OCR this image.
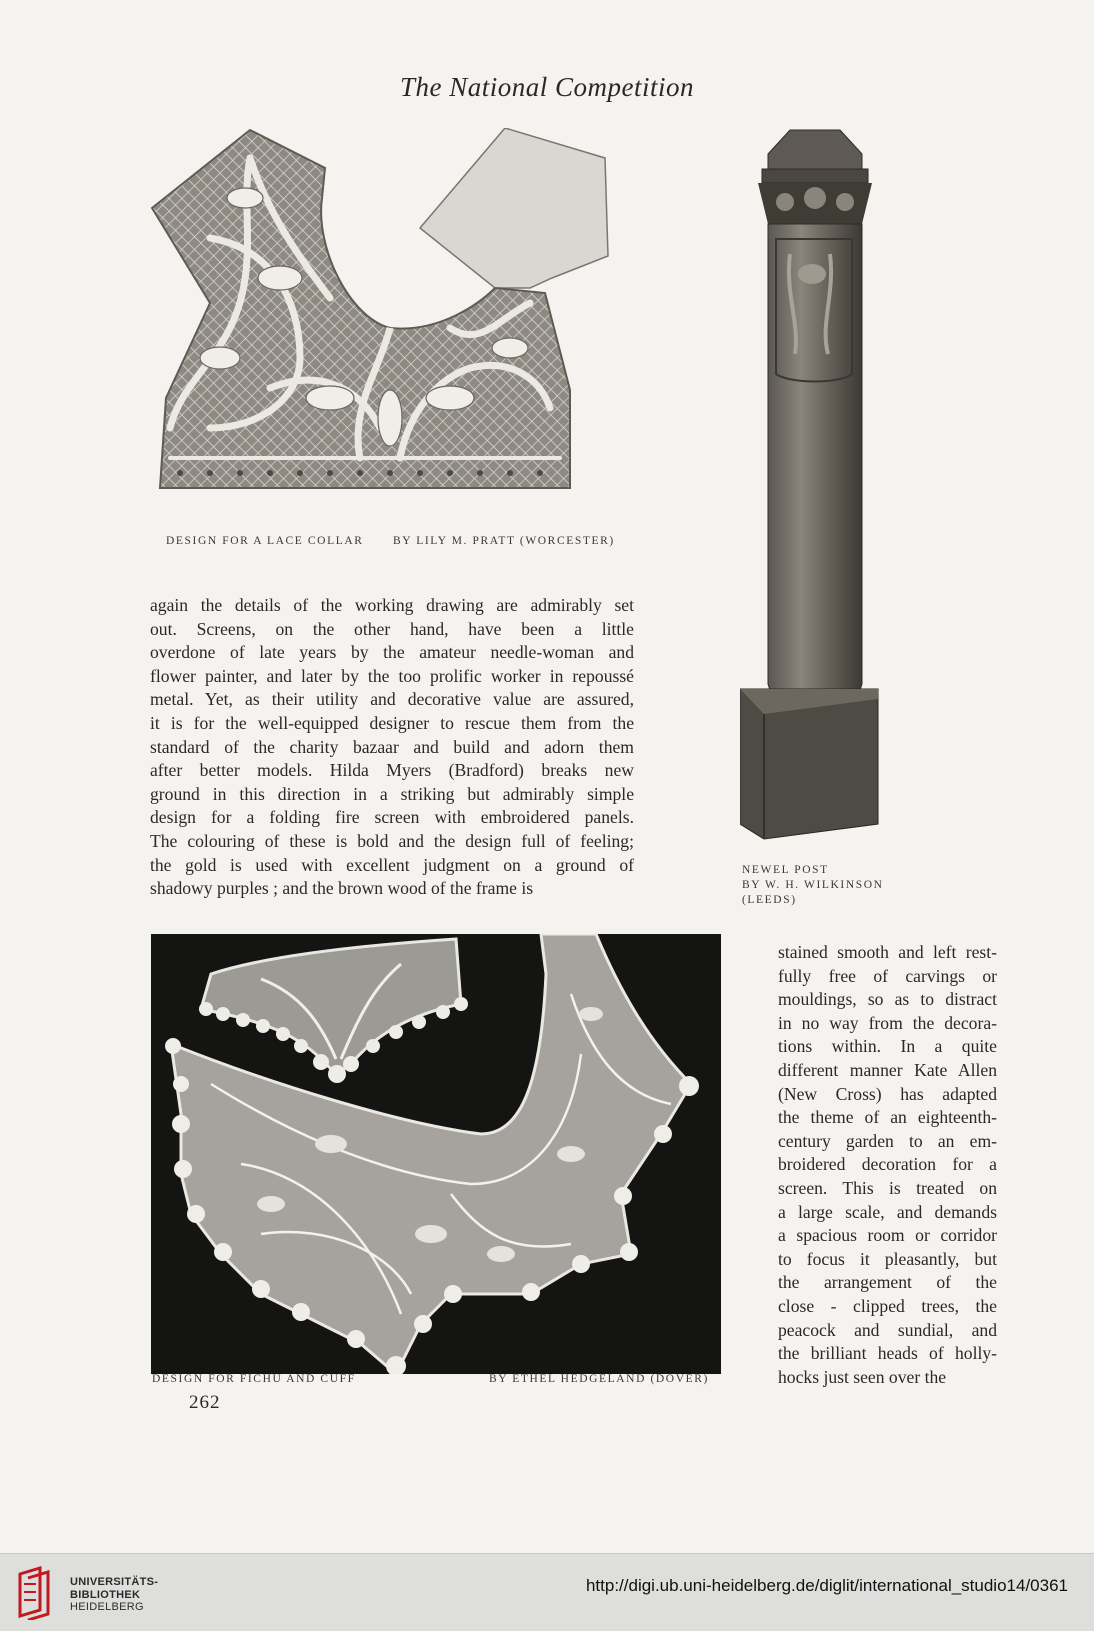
The National Competition
DESIGN FOR A LACE COLLAR	BY LILY M. PRATT (WORCESTER)
NEWEL POST
BY W. H. WILKINSON
(LEEDS)
again the details of the working drawing are admirably set
out. Screens, on the other hand, have been a little
overdone of late years by the amateur needle-woman and
flower painter, and later by the too prolific worker in repoussé
metal. Yet, as their utility and decorative value are assured,
it is for the well-equipped designer to rescue them from the
standard of the charity bazaar and build and adorn them
after better models. Hilda Myers (Bradford) breaks new
ground in this direction in a striking but admirably simple
design for a folding fire screen with embroidered panels.
The colouring of these is bold and the design full of feeling;
the gold is used with excellent judgment on a ground of
shadowy purples ; and the brown wood of the frame is
DESIGN FOR FICHU AND CUFF	BY ETHEL HEDGELAND (DOVER)
stained smooth and left rest-
fully free of carvings or
mouldings, so as to distract
in no way from the decora-
tions within. In a quite
different manner Kate Allen
(New Cross) has adapted
the theme of an eighteenth-
century garden to an em-
broidered decoration for a
screen. This is treated on
a large scale, and demands
a spacious room or corridor
to focus it pleasantly, but
the arrangement of the
close - clipped trees, the
peacock and sundial, and
the brilliant heads of holly-
hocks just seen over the
262
UNIVERSITÄTS-
BIBLIOTHEK
HEIDELBERG
http://digi.ub.uni-heidelberg.de/diglit/international_studio14/0361
